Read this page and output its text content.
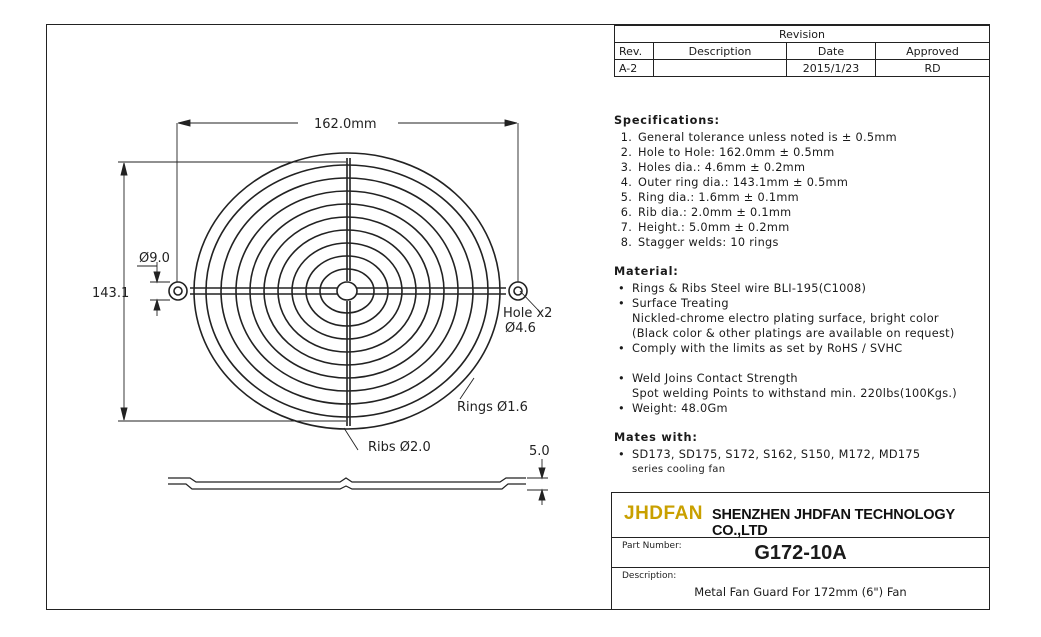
162.0mm
143.1
Ø9.0
Hole x2
Ø4.6
Rings Ø1.6
Ribs Ø2.0	5.0
Revision			
Rev.	Description	Date	Approved
A-2		2015/1/23	RD
Specifications:
1. General tolerance unless noted is ± 0.5mm
2. Hole to Hole: 162.0mm ± 0.5mm
3. Holes dia.: 4.6mm ± 0.2mm
4. Outer ring dia.: 143.1mm ± 0.5mm
5. Ring dia.: 1.6mm ± 0.1mm
6. Rib dia.: 2.0mm ± 0.1mm
7. Height.: 5.0mm ± 0.2mm
8. Stagger welds: 10 rings
Material:
• Rings & Ribs Steel wire BLI-195(C1008)
• Surface Treating
Nickled-chrome electro plating surface, bright color
(Black color & other platings are available on request)
• Comply with the limits as set by RoHS / SVHC
• Weld Joins Contact Strength
Spot welding Points to withstand min. 220lbs(100Kgs.)
• Weight: 48.0Gm
Mates with:
• SD173, SD175, S172, S162, S150, M172, MD175
series cooling fan
JHDFAN SHENZHEN JHDFAN TECHNOLOGY CO.,LTD
Part Number:	G172-10A
Description:
Metal Fan Guard For 172mm (6") Fan
